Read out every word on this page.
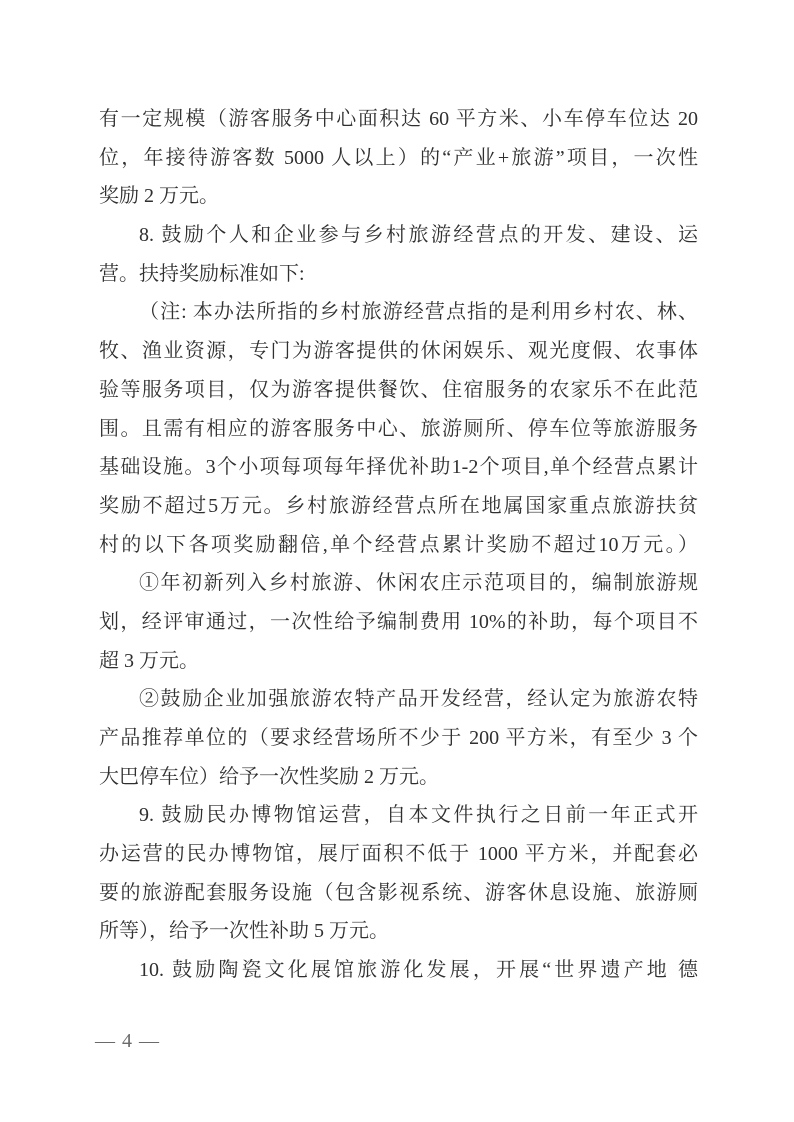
有一定规模（游客服务中心面积达 60 平方米、小车停车位达 20
位，年接待游客数 5000 人以上）的“产业+旅游”项目，一次性
奖励 2 万元。
8. 鼓励个人和企业参与乡村旅游经营点的开发、建设、运
营。扶持奖励标准如下:
（注: 本办法所指的乡村旅游经营点指的是利用乡村农、林、
牧、渔业资源，专门为游客提供的休闲娱乐、观光度假、农事体
验等服务项目，仅为游客提供餐饮、住宿服务的农家乐不在此范
围。且需有相应的游客服务中心、旅游厕所、停车位等旅游服务
基础设施。3个小项每项每年择优补助1-2个项目,单个经营点累计
奖励不超过5万元。乡村旅游经营点所在地属国家重点旅游扶贫
村的以下各项奖励翻倍,单个经营点累计奖励不超过10万元。）
①年初新列入乡村旅游、休闲农庄示范项目的，编制旅游规
划，经评审通过，一次性给予编制费用 10%的补助，每个项目不
超 3 万元。
②鼓励企业加强旅游农特产品开发经营，经认定为旅游农特
产品推荐单位的（要求经营场所不少于 200 平方米，有至少 3 个
大巴停车位）给予一次性奖励 2 万元。
9. 鼓励民办博物馆运营，自本文件执行之日前一年正式开
办运营的民办博物馆，展厅面积不低于 1000 平方米，并配套必
要的旅游配套服务设施（包含影视系统、游客休息设施、旅游厕
所等），给予一次性补助 5 万元。
10. 鼓励陶瓷文化展馆旅游化发展，开展“世界遗产地 德
— 4 —
